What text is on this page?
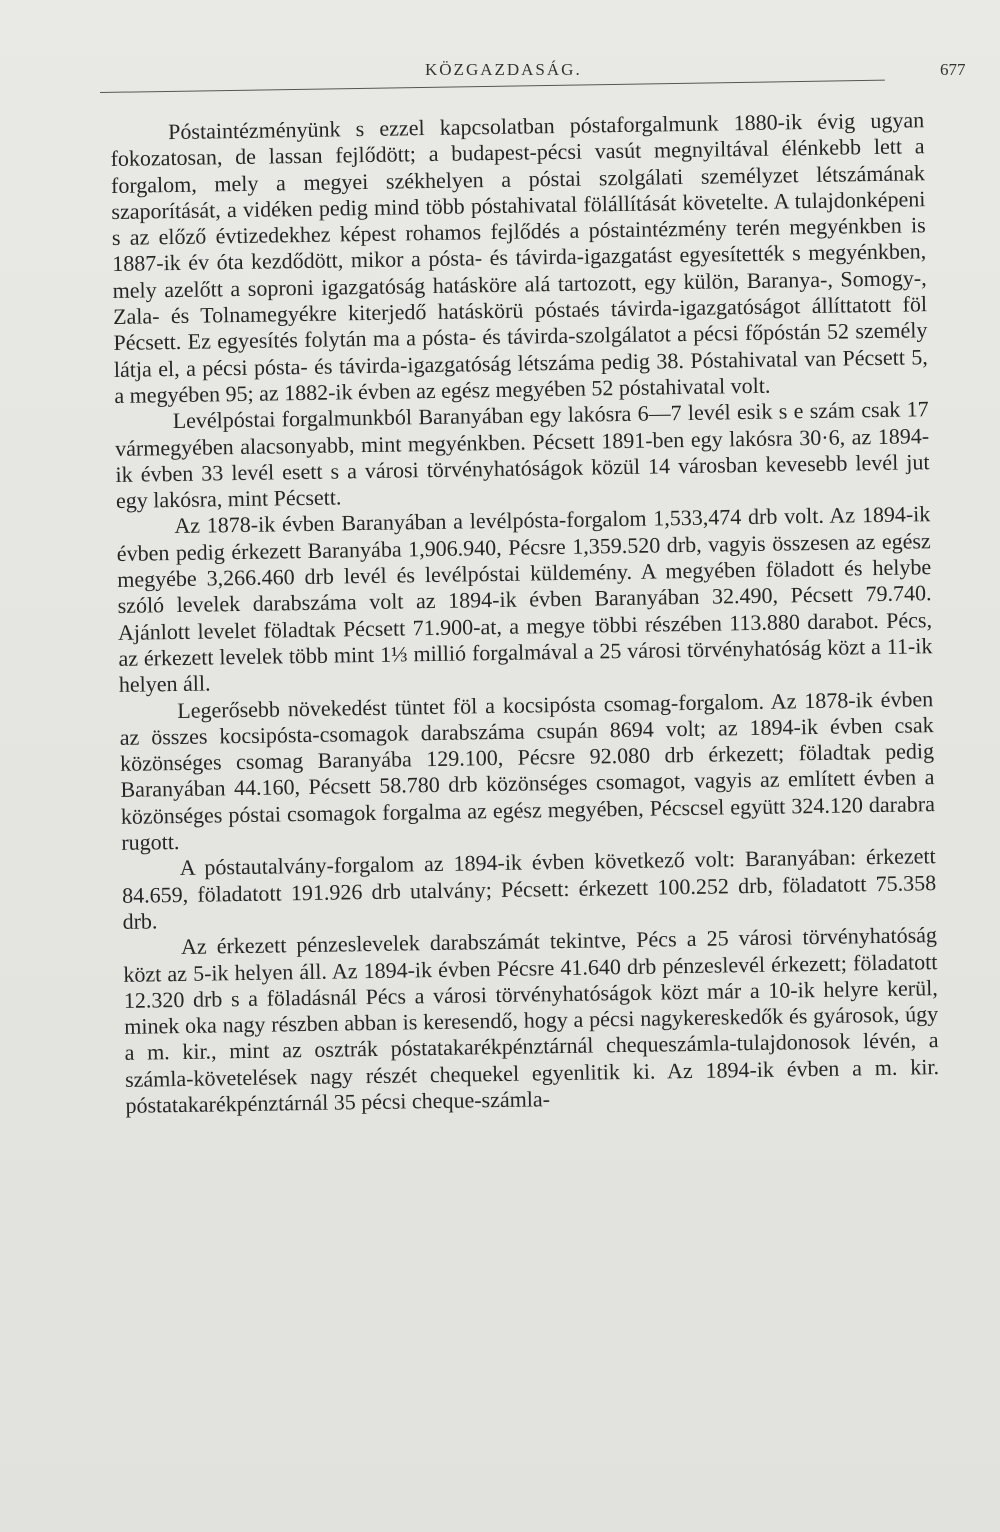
KÖZGAZDASÁG.	677

Póstaintézményünk s ezzel kapcsolatban póstaforgalmunk 1880-ik évig ugyan fokozatosan, de lassan fejlődött; a budapest-pécsi vasút megnyiltával élénkebb lett a forgalom, mely a megyei székhelyen a póstai szolgálati személyzet létszámának szaporítását, a vidéken pedig mind több póstahivatal fölállítását követelte. A tulajdonképeni s az előző évtizedekhez képest rohamos fejlődés a póstaintézmény terén megyénkben is 1887-ik év óta kezdődött, mikor a pósta- és távirda-igazgatást egyesítették s megyénkben, mely azelőtt a soproni igazgatóság hatásköre alá tartozott, egy külön, Baranya-, Somogy-, Zala- és Tolnamegyékre kiterjedő hatáskörü póstaés távirda-igazgatóságot állíttatott föl Pécsett. Ez egyesítés folytán ma a pósta- és távirda-szolgálatot a pécsi főpóstán 52 személy látja el, a pécsi pósta- és távirda-igazgatóság létszáma pedig 38. Póstahivatal van Pécsett 5, a megyében 95; az 1882-ik évben az egész megyében 52 póstahivatal volt.

Levélpóstai forgalmunkból Baranyában egy lakósra 6—7 levél esik s e szám csak 17 vármegyében alacsonyabb, mint megyénkben. Pécsett 1891-ben egy lakósra 30·6, az 1894-ik évben 33 levél esett s a városi törvényhatóságok közül 14 városban kevesebb levél jut egy lakósra, mint Pécsett.

Az 1878-ik évben Baranyában a levélpósta-forgalom 1,533,474 drb volt. Az 1894-ik évben pedig érkezett Baranyába 1,906.940, Pécsre 1,359.520 drb, vagyis összesen az egész megyébe 3,266.460 drb levél és levélpóstai küldemény. A megyében föladott és helybe szóló levelek darabszáma volt az 1894-ik évben Baranyában 32.490, Pécsett 79.740. Ajánlott levelet föladtak Pécsett 71.900-at, a megye többi részében 113.880 darabot. Pécs, az érkezett levelek több mint 1⅓ millió forgalmával a 25 városi törvényhatóság közt a 11-ik helyen áll.

Legerősebb növekedést tüntet föl a kocsipósta csomag-forgalom. Az 1878-ik évben az összes kocsipósta-csomagok darabszáma csupán 8694 volt; az 1894-ik évben csak közönséges csomag Baranyába 129.100, Pécsre 92.080 drb érkezett; föladtak pedig Baranyában 44.160, Pécsett 58.780 drb közönséges csomagot, vagyis az említett évben a közönséges póstai csomagok forgalma az egész megyében, Pécscsel együtt 324.120 darabra rugott.

A póstautalvány-forgalom az 1894-ik évben következő volt: Baranyában: érkezett 84.659, föladatott 191.926 drb utalvány; Pécsett: érkezett 100.252 drb, föladatott 75.358 drb.

Az érkezett pénzeslevelek darabszámát tekintve, Pécs a 25 városi törvényhatóság közt az 5-ik helyen áll. Az 1894-ik évben Pécsre 41.640 drb pénzeslevél érkezett; föladatott 12.320 drb s a föladásnál Pécs a városi törvényhatóságok közt már a 10-ik helyre kerül, minek oka nagy részben abban is keresendő, hogy a pécsi nagykereskedők és gyárosok, úgy a m. kir., mint az osztrák póstatakarékpénztárnál chequeszámla-tulajdonosok lévén, a számla-követelések nagy részét chequekel egyenlitik ki. Az 1894-ik évben a m. kir. póstatakarékpénztárnál 35 pécsi cheque-számla-
